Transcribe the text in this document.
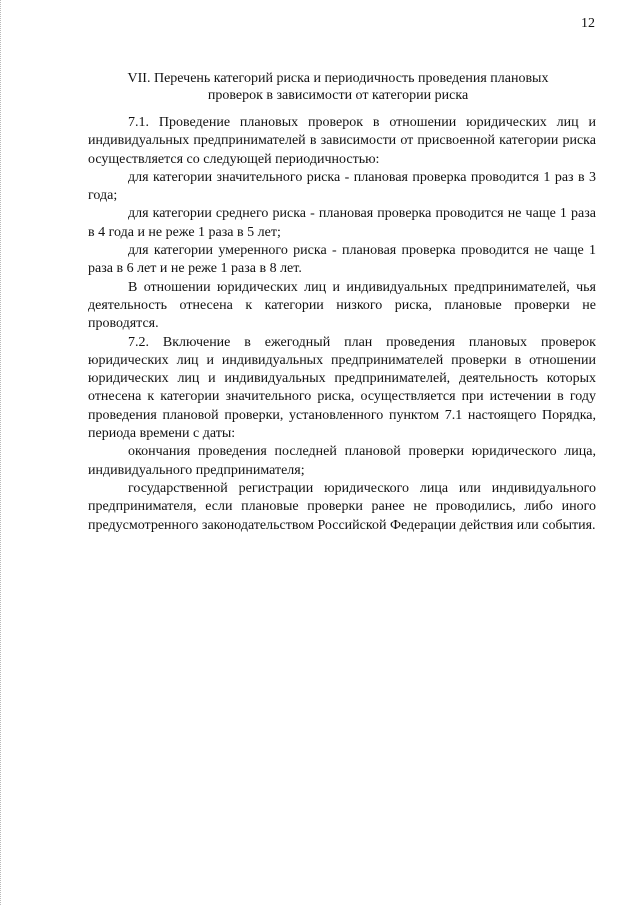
12
VII. Перечень категорий риска и периодичность проведения плановых
проверок в зависимости от категории риска

7.1. Проведение плановых проверок в отношении юридических лиц и индивидуальных предпринимателей в зависимости от присвоенной категории риска осуществляется со следующей периодичностью:

для категории значительного риска - плановая проверка проводится 1 раз в 3 года;

для категории среднего риска - плановая проверка проводится не чаще 1 раза в 4 года и не реже 1 раза в 5 лет;

для категории умеренного риска - плановая проверка проводится не чаще 1 раза в 6 лет и не реже 1 раза в 8 лет.

В отношении юридических лиц и индивидуальных предпринимателей, чья деятельность отнесена к категории низкого риска, плановые проверки не проводятся.

7.2. Включение в ежегодный план проведения плановых проверок юридических лиц и индивидуальных предпринимателей проверки в отношении юридических лиц и индивидуальных предпринимателей, деятельность которых отнесена к категории значительного риска, осуществляется при истечении в году проведения плановой проверки, установленного пунктом 7.1 настоящего Порядка, периода времени с даты:

окончания проведения последней плановой проверки юридического лица, индивидуального предпринимателя;

государственной регистрации юридического лица или индивидуального предпринимателя, если плановые проверки ранее не проводились, либо иного предусмотренного законодательством Российской Федерации действия или события.
